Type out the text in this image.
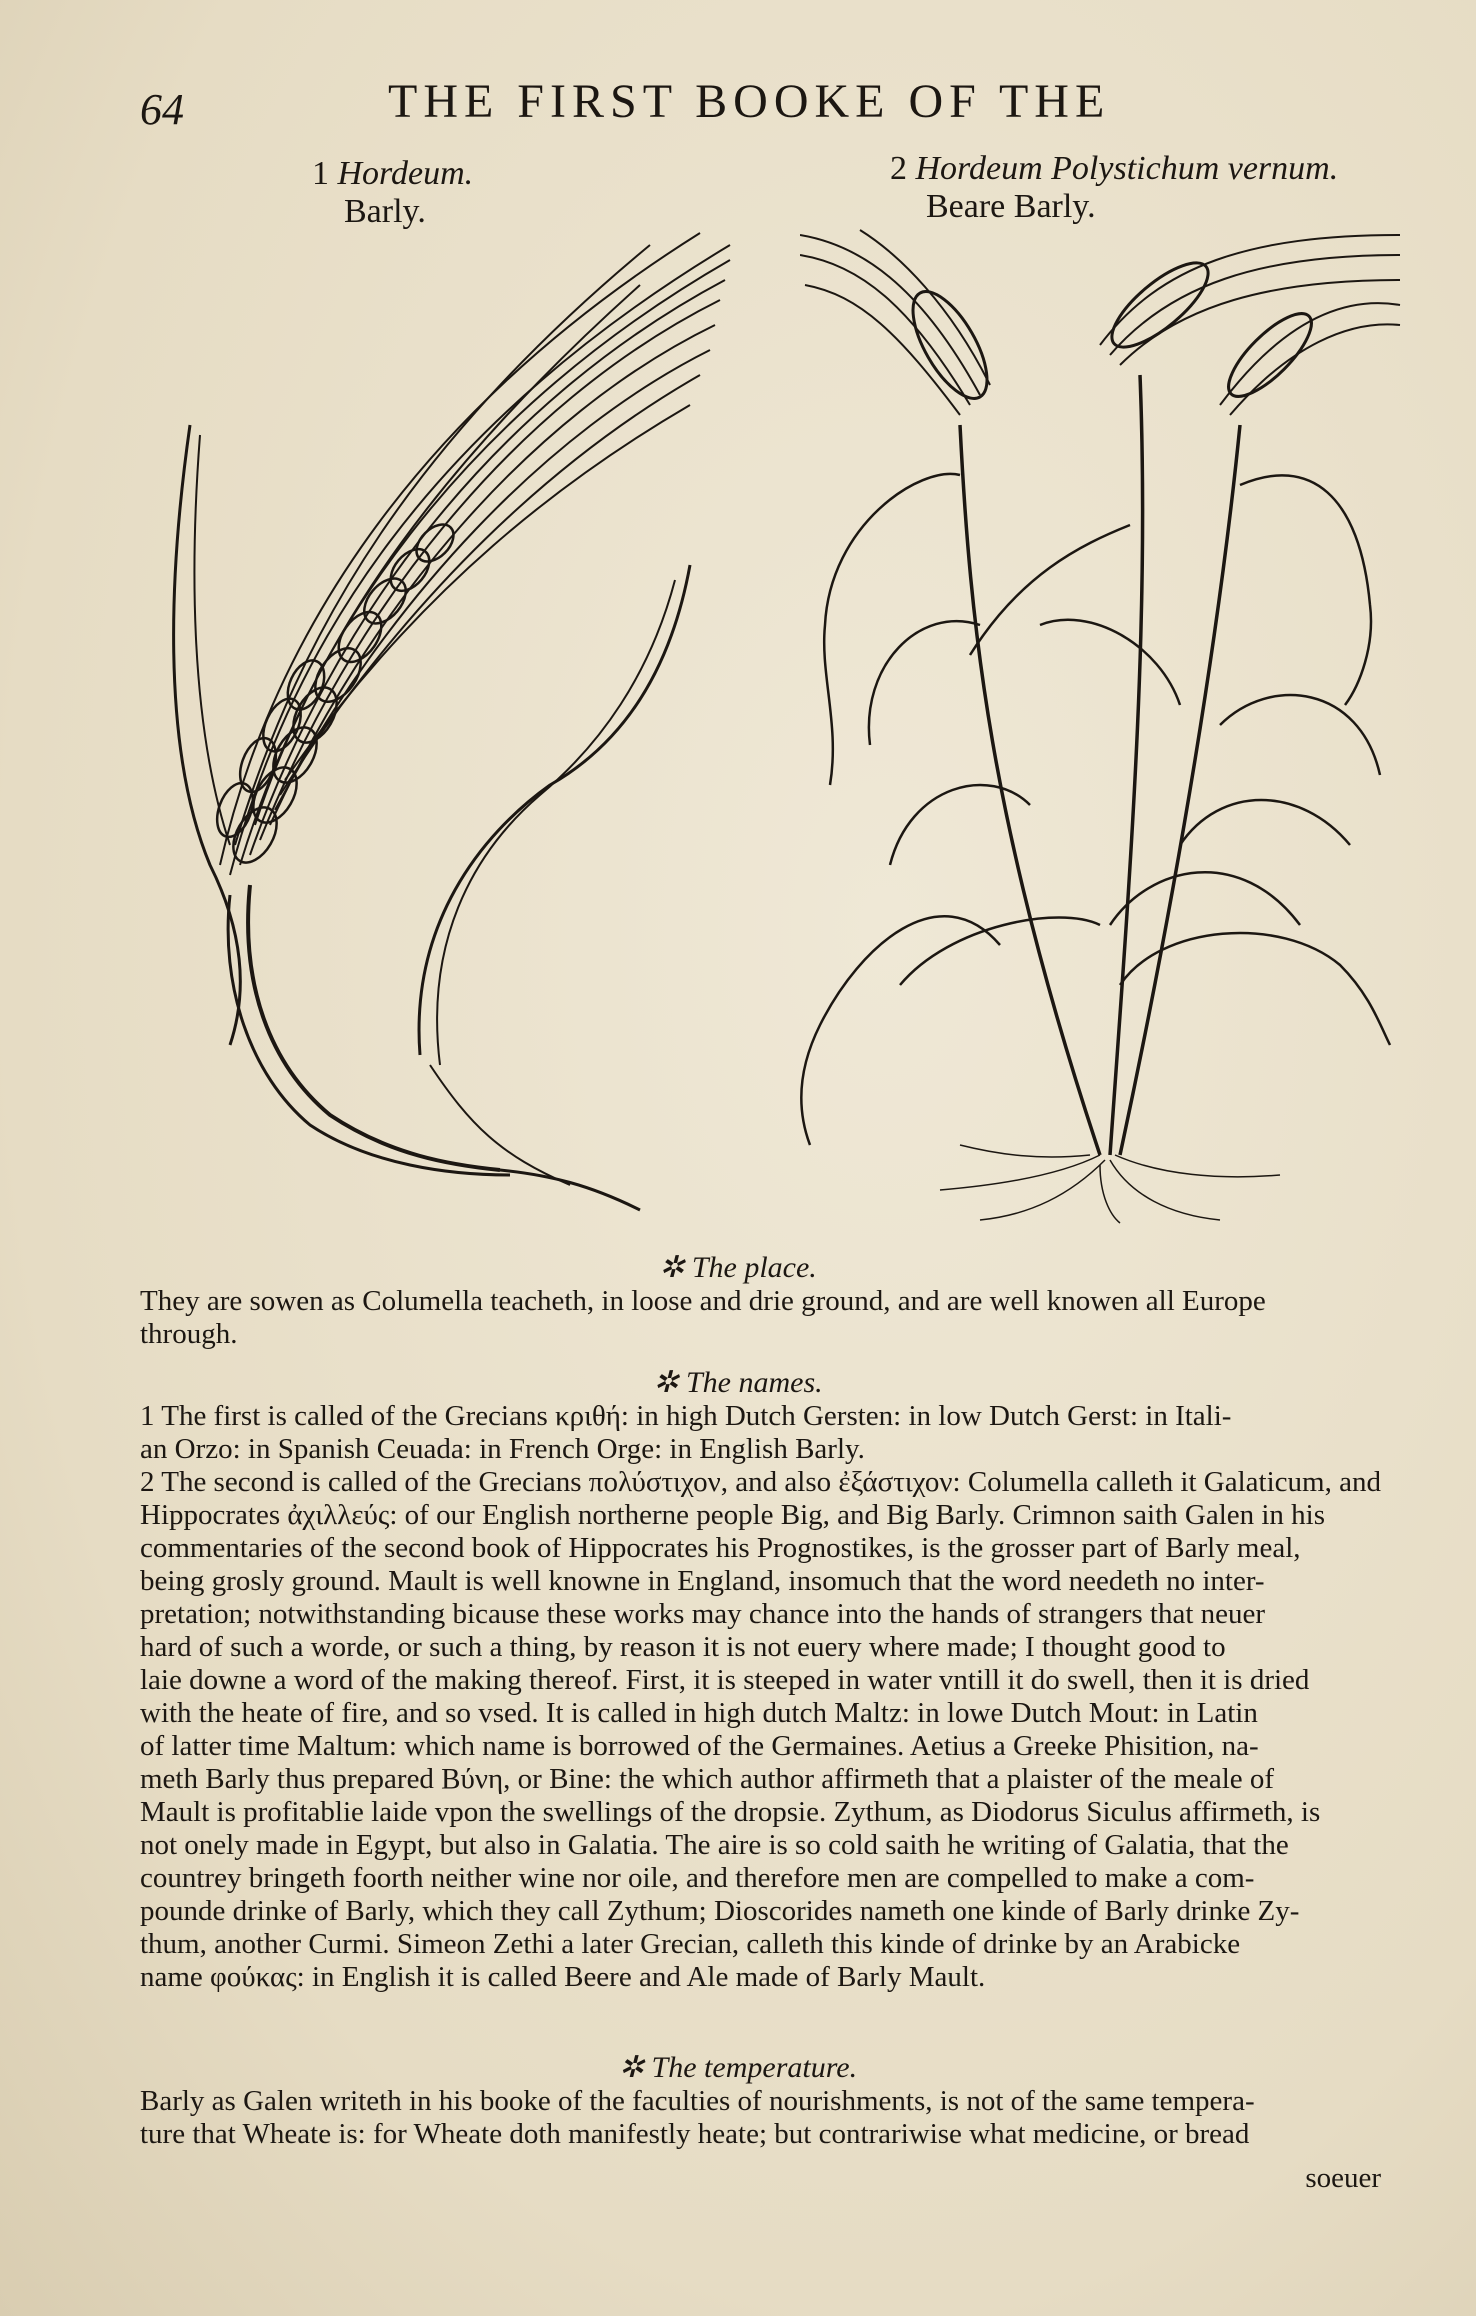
64	THE FIRST BOOKE OF THE
1 Hordeum.
Barly.
2 Hordeum Polystichum vernum.
Beare Barly.
✲ The place.
They are sowen as Columella teacheth, in loose and drie ground, and are well knowen all Europe
through.
✲ The names.
1 The first is called of the Grecians κριθή: in high Dutch Gersten: in low Dutch Gerst: in Itali-
an Orzo: in Spanish Ceuada: in French Orge: in English Barly.
2 The second is called of the Grecians πολύστιχον, and also ἐξάστιχον: Columella calleth it Galaticum, and
Hippocrates ἀχιλλεύς: of our English northerne people Big, and Big Barly. Crimnon saith Galen in his
commentaries of the second book of Hippocrates his Prognostikes, is the grosser part of Barly meal,
being grosly ground. Mault is well knowne in England, insomuch that the word needeth no inter-
pretation; notwithstanding bicause these works may chance into the hands of strangers that neuer
hard of such a worde, or such a thing, by reason it is not euery where made; I thought good to
laie downe a word of the making thereof. First, it is steeped in water vntill it do swell, then it is dried
with the heate of fire, and so vsed. It is called in high dutch Maltz: in lowe Dutch Mout: in Latin
of latter time Maltum: which name is borrowed of the Germaines. Aetius a Greeke Phisition, na-
meth Barly thus prepared Βύνη, or Bine: the which author affirmeth that a plaister of the meale of
Mault is profitablie laide vpon the swellings of the dropsie. Zythum, as Diodorus Siculus affirmeth, is
not onely made in Egypt, but also in Galatia. The aire is so cold saith he writing of Galatia, that the
countrey bringeth foorth neither wine nor oile, and therefore men are compelled to make a com-
pounde drinke of Barly, which they call Zythum; Dioscorides nameth one kinde of Barly drinke Zy-
thum, another Curmi. Simeon Zethi a later Grecian, calleth this kinde of drinke by an Arabicke
name φούκας: in English it is called Beere and Ale made of Barly Mault.
✲ The temperature.
Barly as Galen writeth in his booke of the faculties of nourishments, is not of the same tempera-
ture that Wheate is: for Wheate doth manifestly heate; but contrariwise what medicine, or bread
soeuer
